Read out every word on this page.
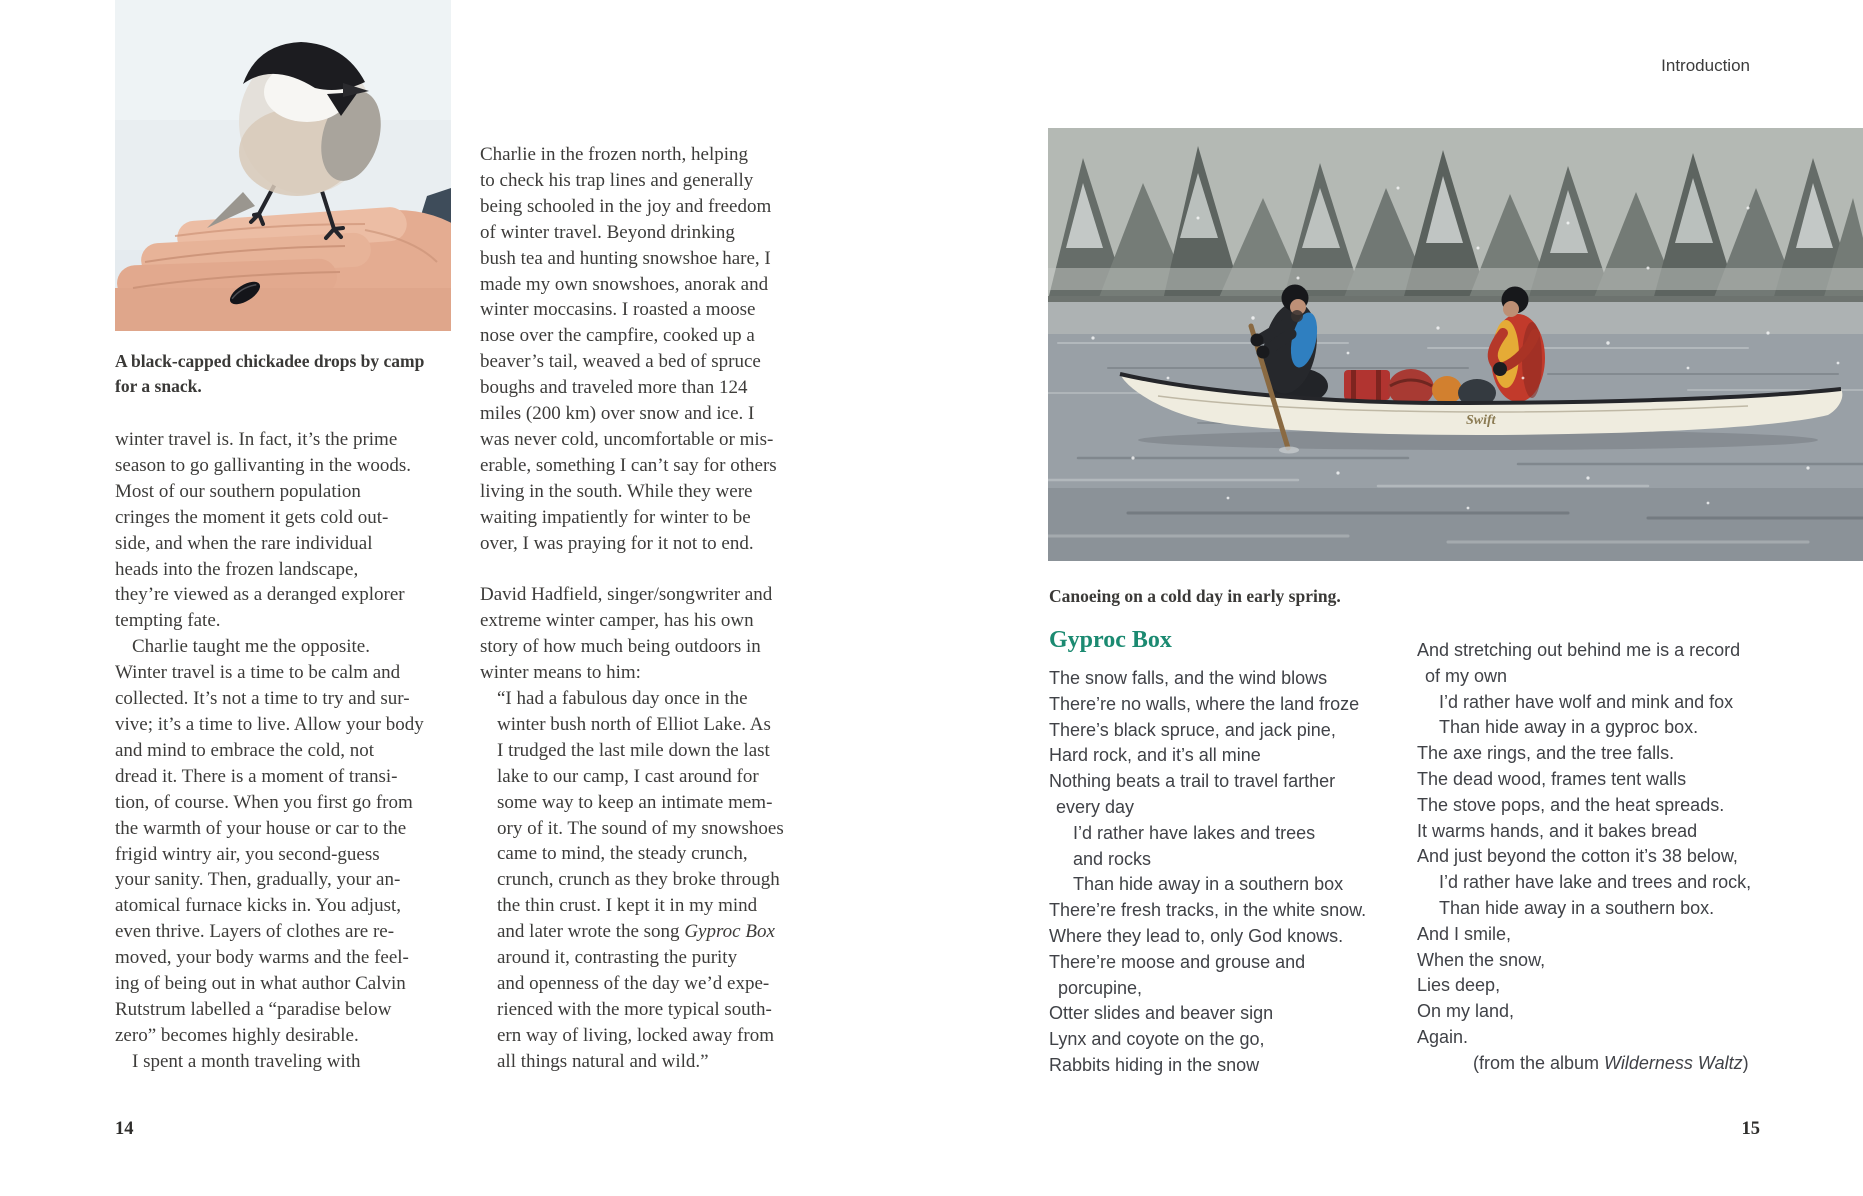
A black-capped chickadee drops by camp
for a snack.
winter travel is. In fact, it’s the prime
season to go gallivanting in the woods.
Most of our southern population
cringes the moment it gets cold out-
side, and when the rare individual
heads into the frozen landscape,
they’re viewed as a deranged explorer
tempting fate.
Charlie taught me the opposite.
Winter travel is a time to be calm and
collected. It’s not a time to try and sur-
vive; it’s a time to live. Allow your body
and mind to embrace the cold, not
dread it. There is a moment of transi-
tion, of course. When you first go from
the warmth of your house or car to the
frigid wintry air, you second-guess
your sanity. Then, gradually, your an-
atomical furnace kicks in. You adjust,
even thrive. Layers of clothes are re-
moved, your body warms and the feel-
ing of being out in what author Calvin
Rutstrum labelled a “paradise below
zero” becomes highly desirable.
I spent a month traveling with
Charlie in the frozen north, helping
to check his trap lines and generally
being schooled in the joy and freedom
of winter travel. Beyond drinking
bush tea and hunting snowshoe hare, I
made my own snowshoes, anorak and
winter moccasins. I roasted a moose
nose over the campfire, cooked up a
beaver’s tail, weaved a bed of spruce
boughs and traveled more than 124
miles (200 km) over snow and ice. I
was never cold, uncomfortable or mis-
erable, something I can’t say for others
living in the south. While they were
waiting impatiently for winter to be
over, I was praying for it not to end.
David Hadfield, singer/songwriter and
extreme winter camper, has his own
story of how much being outdoors in
winter means to him:
“I had a fabulous day once in the
winter bush north of Elliot Lake. As
I trudged the last mile down the last
lake to our camp, I cast around for
some way to keep an intimate mem-
ory of it. The sound of my snowshoes
came to mind, the steady crunch,
crunch, crunch as they broke through
the thin crust. I kept it in my mind
and later wrote the song Gyproc Box
around it, contrasting the purity
and openness of the day we’d expe-
rienced with the more typical south-
ern way of living, locked away from
all things natural and wild.”
14
Introduction
Swift
Canoeing on a cold day in early spring.
Gyproc Box
The snow falls, and the wind blows
There’re no walls, where the land froze
There’s black spruce, and jack pine,
Hard rock, and it’s all mine
Nothing beats a trail to travel farther
every day
I’d rather have lakes and trees
and rocks
Than hide away in a southern box
There’re fresh tracks, in the white snow.
Where they lead to, only God knows.
There’re moose and grouse and
porcupine,
Otter slides and beaver sign
Lynx and coyote on the go,
Rabbits hiding in the snow
And stretching out behind me is a record
of my own
I’d rather have wolf and mink and fox
Than hide away in a gyproc box.
The axe rings, and the tree falls.
The dead wood, frames tent walls
The stove pops, and the heat spreads.
It warms hands, and it bakes bread
And just beyond the cotton it’s 38 below,
I’d rather have lake and trees and rock,
Than hide away in a southern box.
And I smile,
When the snow,
Lies deep,
On my land,
Again.
(from the album Wilderness Waltz)
15
